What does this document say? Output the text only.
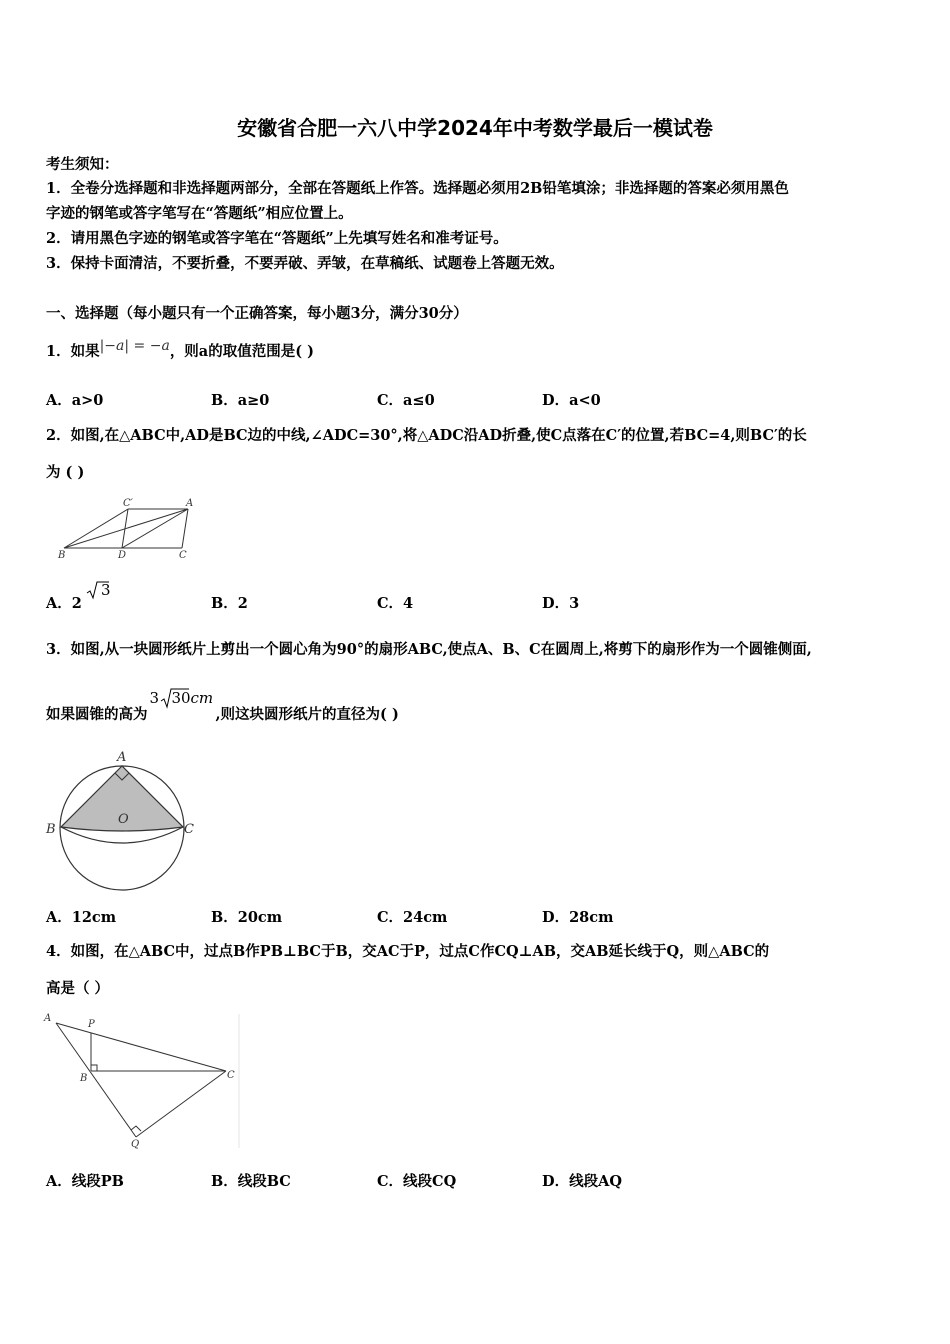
安徽省合肥一六八中学2024年中考数学最后一模试卷
考生须知：
1．全卷分选择题和非选择题两部分，全部在答题纸上作答。选择题必须用2B铅笔填涂；非选择题的答案必须用黑色
字迹的钢笔或答字笔写在“答题纸”相应位置上。
2．请用黑色字迹的钢笔或答字笔在“答题纸”上先填写姓名和准考证号。
3．保持卡面清洁，不要折叠，不要弄破、弄皱，在草稿纸、试题卷上答题无效。
一、选择题（每小题只有一个正确答案，每小题3分，满分30分）
1．如果|−𝑎| = −𝑎，则a的取值范围是( )
A．a>0	B．a≥0	C．a≤0	D．a<0
2．如图,在△ABC中,AD是BC边的中线,∠ADC=30°,将△ADC沿AD折叠,使C点落在C′的位置,若BC=4,则BC′的长
为 ( )
C′	A
B	D	C
A．2
3
B．2	C．4	D．3
3．如图,从一块圆形纸片上剪出一个圆心角为90°的扇形ABC,使点A、B、C在圆周上,将剪下的扇形作为一个圆锥侧面,
如果圆锥的高为
3 30 cm
,则这块圆形纸片的直径为( )
A
B
O
C
A．12cm	B．20cm	C．24cm	D．28cm
4．如图，在△ABC中，过点B作PB⊥BC于B，交AC于P，过点C作CQ⊥AB，交AB延长线于Q，则△ABC的
高是（ ）
A
P
B	C
Q
A．线段PB	B．线段BC	C．线段CQ	D．线段AQ
